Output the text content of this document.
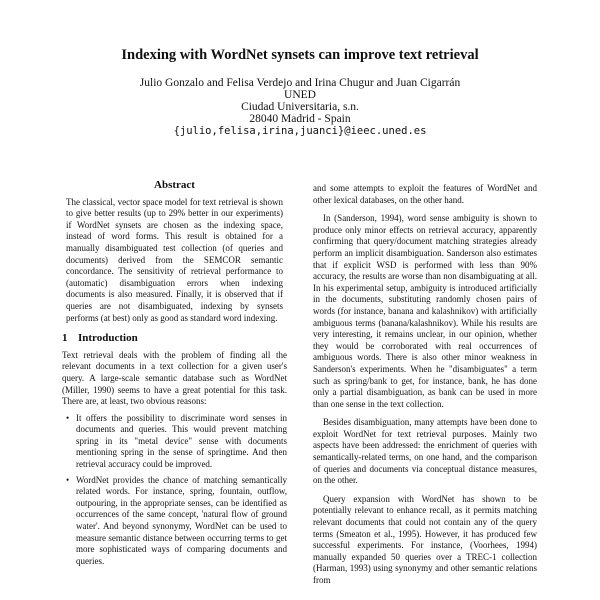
Indexing with WordNet synsets can improve text retrieval
Julio Gonzalo and Felisa Verdejo and Irina Chugur and Juan Cigarrán
UNED
Ciudad Universitaria, s.n.
28040 Madrid - Spain
{julio,felisa,irina,juanci}@ieec.uned.es
Abstract

The classical, vector space model for text retrieval is shown to give better results (up to 29% better in our experiments) if WordNet synsets are chosen as the indexing space, instead of word forms. This result is obtained for a manually disambiguated test collection (of queries and documents) derived from the SEMCOR semantic concordance. The sensitivity of retrieval performance to (automatic) disambiguation errors when indexing documents is also measured. Finally, it is observed that if queries are not disambiguated, indexing by synsets performs (at best) only as good as standard word indexing.

1 Introduction

Text retrieval deals with the problem of finding all the relevant documents in a text collection for a given user's query. A large-scale semantic database such as WordNet (Miller, 1990) seems to have a great potential for this task. There are, at least, two obvious reasons:

• It offers the possibility to discriminate word senses in documents and queries. This would prevent matching spring in its "metal device" sense with documents mentioning spring in the sense of springtime. And then retrieval accuracy could be improved.
• WordNet provides the chance of matching semantically related words. For instance, spring, fountain, outflow, outpouring, in the appropriate senses, can be identified as occurrences of the same concept, 'natural flow of ground water'. And beyond synonymy, WordNet can be used to measure semantic distance between occurring terms to get more sophisticated ways of comparing documents and queries.

and some attempts to exploit the features of WordNet and other lexical databases, on the other hand.

In (Sanderson, 1994), word sense ambiguity is shown to produce only minor effects on retrieval accuracy, apparently confirming that query/document matching strategies already perform an implicit disambiguation. Sanderson also estimates that if explicit WSD is performed with less than 90% accuracy, the results are worse than non disambiguating at all. In his experimental setup, ambiguity is introduced artificially in the documents, substituting randomly chosen pairs of words (for instance, banana and kalashnikov) with artificially ambiguous terms (banana/kalashnikov). While his results are very interesting, it remains unclear, in our opinion, whether they would be corroborated with real occurrences of ambiguous words. There is also other minor weakness in Sanderson's experiments. When he "disambiguates" a term such as spring/bank to get, for instance, bank, he has done only a partial disambiguation, as bank can be used in more than one sense in the text collection.

Besides disambiguation, many attempts have been done to exploit WordNet for text retrieval purposes. Mainly two aspects have been addressed: the enrichment of queries with semantically-related terms, on one hand, and the comparison of queries and documents via conceptual distance measures, on the other.

Query expansion with WordNet has shown to be potentially relevant to enhance recall, as it permits matching relevant documents that could not contain any of the query terms (Smeaton et al., 1995). However, it has produced few successful experiments. For instance, (Voorhees, 1994) manually expanded 50 queries over a TREC-1 collection (Harman, 1993) using synonymy and other semantic relations from
